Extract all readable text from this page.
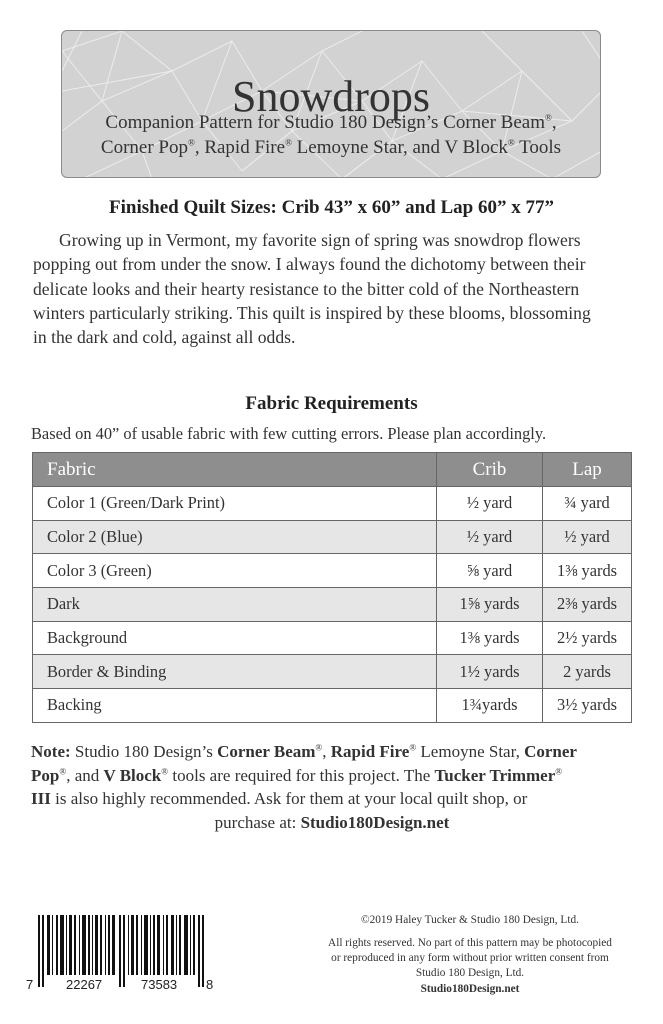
Snowdrops
Companion Pattern for Studio 180 Design’s Corner Beam®,
Corner Pop®, Rapid Fire® Lemoyne Star, and V Block® Tools
Finished Quilt Sizes: Crib 43” x 60” and Lap 60” x 77”
Growing up in Vermont, my favorite sign of spring was snowdrop flowers
popping out from under the snow. I always found the dichotomy between their
delicate looks and their hearty resistance to the bitter cold of the Northeastern
winters particularly striking. This quilt is inspired by these blooms, blossoming
in the dark and cold, against all odds.
Fabric Requirements
Based on 40” of usable fabric with few cutting errors. Please plan accordingly.
Fabric	Crib	Lap
Color 1 (Green/Dark Print)	½ yard	¾ yard
Color 2 (Blue)	½ yard	½ yard
Color 3 (Green)	⅝ yard	1⅜ yards
Dark	1⅝ yards	2⅜ yards
Background	1⅜ yards	2½ yards
Border & Binding	1½ yards	2 yards
Backing	1¾yards	3½ yards
Note: Studio 180 Design’s Corner Beam®, Rapid Fire® Lemoyne Star, Corner
Pop®, and V Block® tools are required for this project. The Tucker Trimmer®
III is also highly recommended. Ask for them at your local quilt shop, or
purchase at: Studio180Design.net
7	22267	73583 8
©2019 Haley Tucker & Studio 180 Design, Ltd.
All rights reserved. No part of this pattern may be photocopied
or reproduced in any form without prior written consent from
Studio 180 Design, Ltd.
Studio180Design.net
